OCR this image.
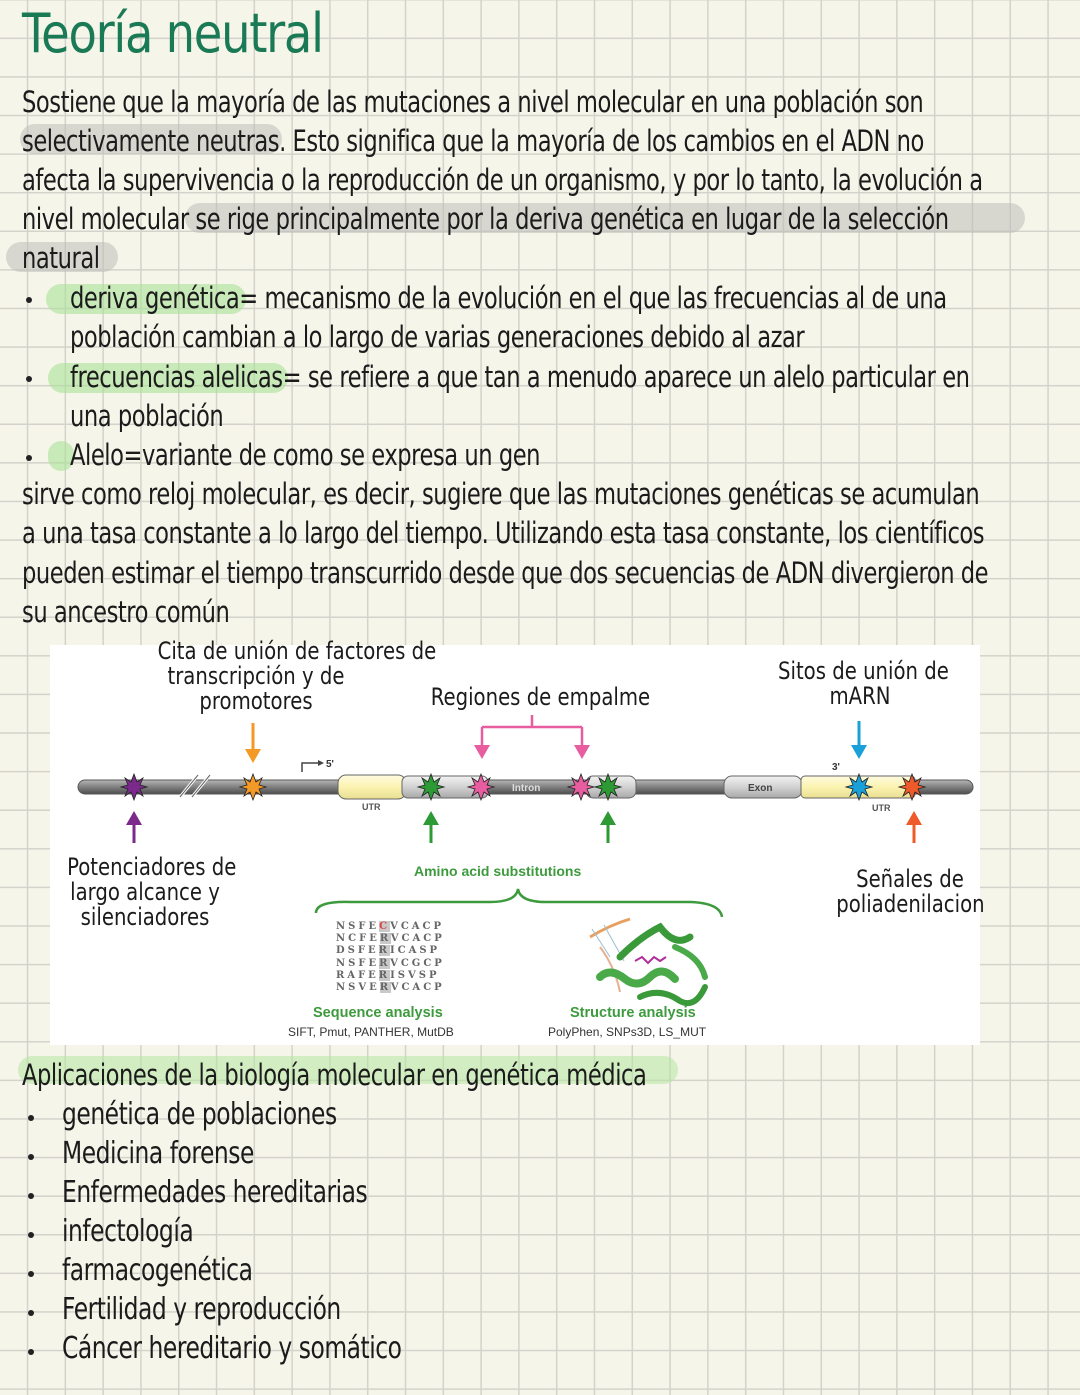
Teoría neutral
Sostiene que la mayoría de las mutaciones a nivel molecular en una población son
selectivamente neutras. Esto significa que la mayoría de los cambios en el ADN no
afecta la supervivencia o la reproducción de un organismo, y por lo tanto, la evolución a
nivel molecular se rige principalmente por la deriva genética en lugar de la selección
natural
deriva genética= mecanismo de la evolución en el que las frecuencias al de una
población cambian a lo largo de varias generaciones debido al azar
frecuencias alelicas= se refiere a que tan a menudo aparece un alelo particular en
una población
Alelo=variante de como se expresa un gen
sirve como reloj molecular, es decir, sugiere que las mutaciones genéticas se acumulan
a una tasa constante a lo largo del tiempo. Utilizando esta tasa constante, los científicos
pueden estimar el tiempo transcurrido desde que dos secuencias de ADN divergieron de
su ancestro común
5'
UTR
Intron	Exon
UTR
3'
Cita de unión de factores de
transcripción y de
promotores	Regiones de empalme
Sitos de unión de
mARN
Potenciadores de
largo alcance y
silenciadores
Señales de
poliadenilacion
Amino acid substitutions
NSFECVCACP
NCFERVCACP
DSFERICASP
NSFERVCGCP
RAFERISVSP
NSVERVCACP
Sequence analysis
SIFT, Pmut, PANTHER, MutDB
Structure analysis
PolyPhen, SNPs3D, LS_MUT
Aplicaciones de la biología molecular en genética médica
genética de poblaciones
Medicina forense
Enfermedades hereditarias
infectología
farmacogenética
Fertilidad y reproducción
Cáncer hereditario y somático
